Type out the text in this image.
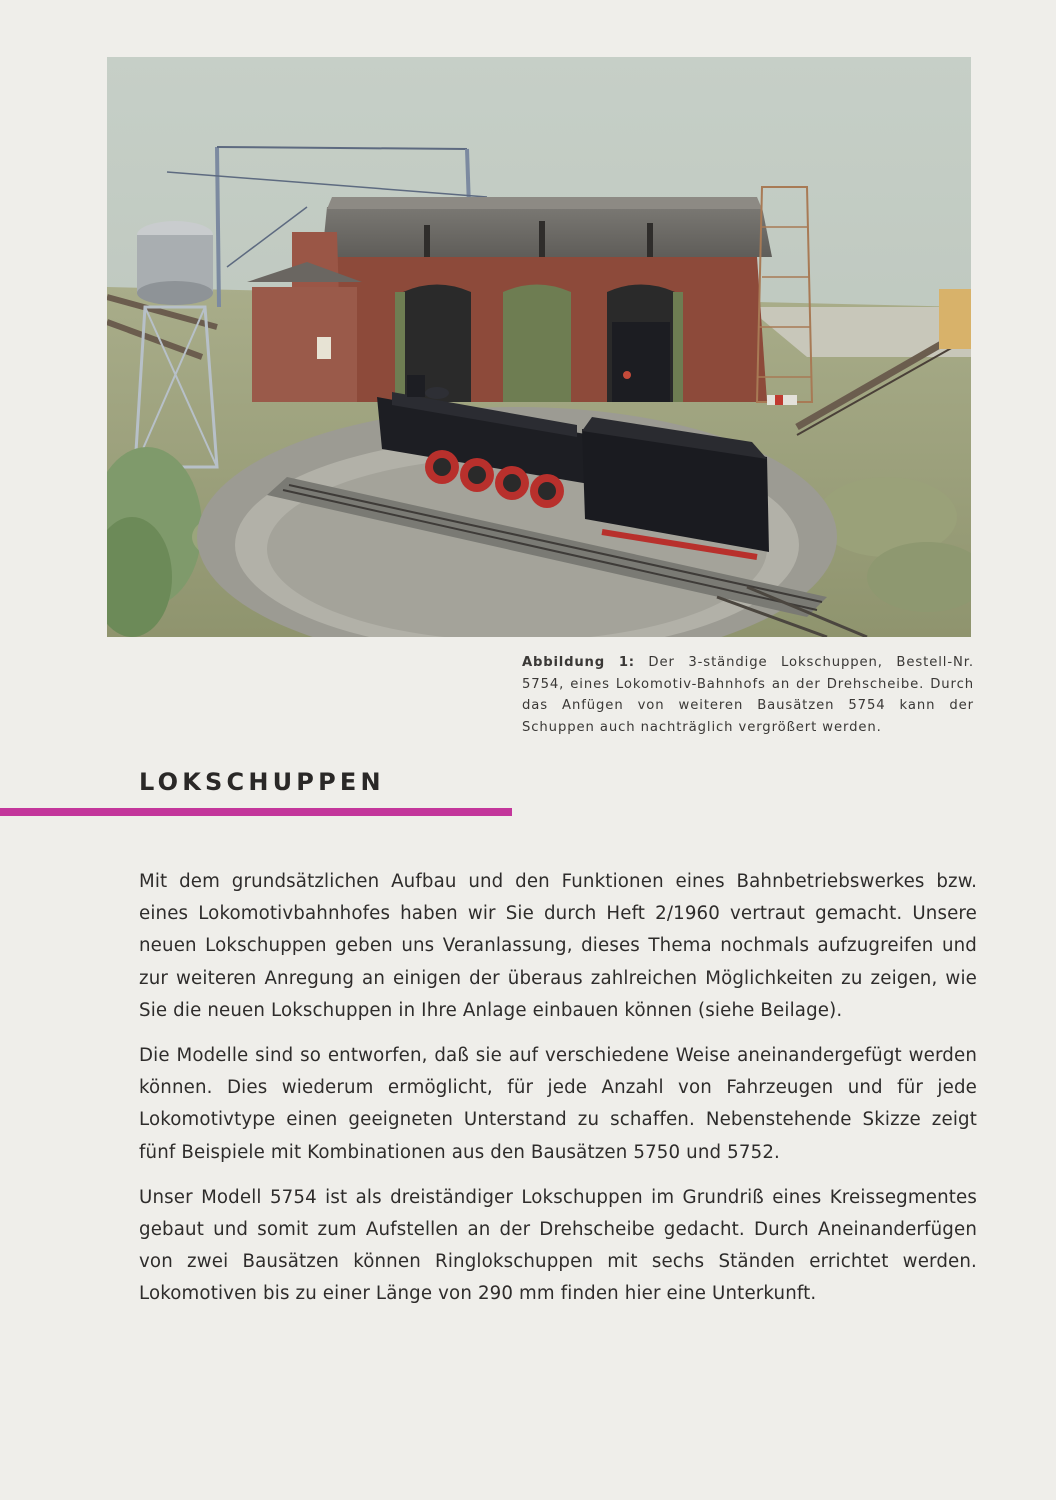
Abbildung 1: Der 3-ständige Lokschuppen, Bestell-Nr. 5754, eines Lokomotiv-Bahnhofs an der Drehscheibe. Durch das Anfügen von weiteren Bausätzen 5754 kann der Schuppen auch nachträglich vergrößert werden.
LOKSCHUPPEN

Mit dem grundsätzlichen Aufbau und den Funktionen eines Bahnbetriebswerkes bzw. eines Lokomotivbahnhofes haben wir Sie durch Heft 2/1960 vertraut gemacht. Unsere neuen Lokschuppen geben uns Veranlassung, dieses Thema nochmals aufzugreifen und zur weiteren Anregung an einigen der überaus zahlreichen Möglichkeiten zu zeigen, wie Sie die neuen Lokschuppen in Ihre Anlage einbauen können (siehe Beilage).

Die Modelle sind so entworfen, daß sie auf verschiedene Weise aneinandergefügt werden können. Dies wiederum ermöglicht, für jede Anzahl von Fahrzeugen und für jede Lokomotivtype einen geeigneten Unterstand zu schaffen. Nebenstehende Skizze zeigt fünf Beispiele mit Kombinationen aus den Bausätzen 5750 und 5752.

Unser Modell 5754 ist als dreiständiger Lokschuppen im Grundriß eines Kreissegmentes gebaut und somit zum Aufstellen an der Drehscheibe gedacht. Durch Aneinanderfügen von zwei Bausätzen können Ringlokschuppen mit sechs Ständen errichtet werden. Lokomotiven bis zu einer Länge von 290 mm finden hier eine Unterkunft.
